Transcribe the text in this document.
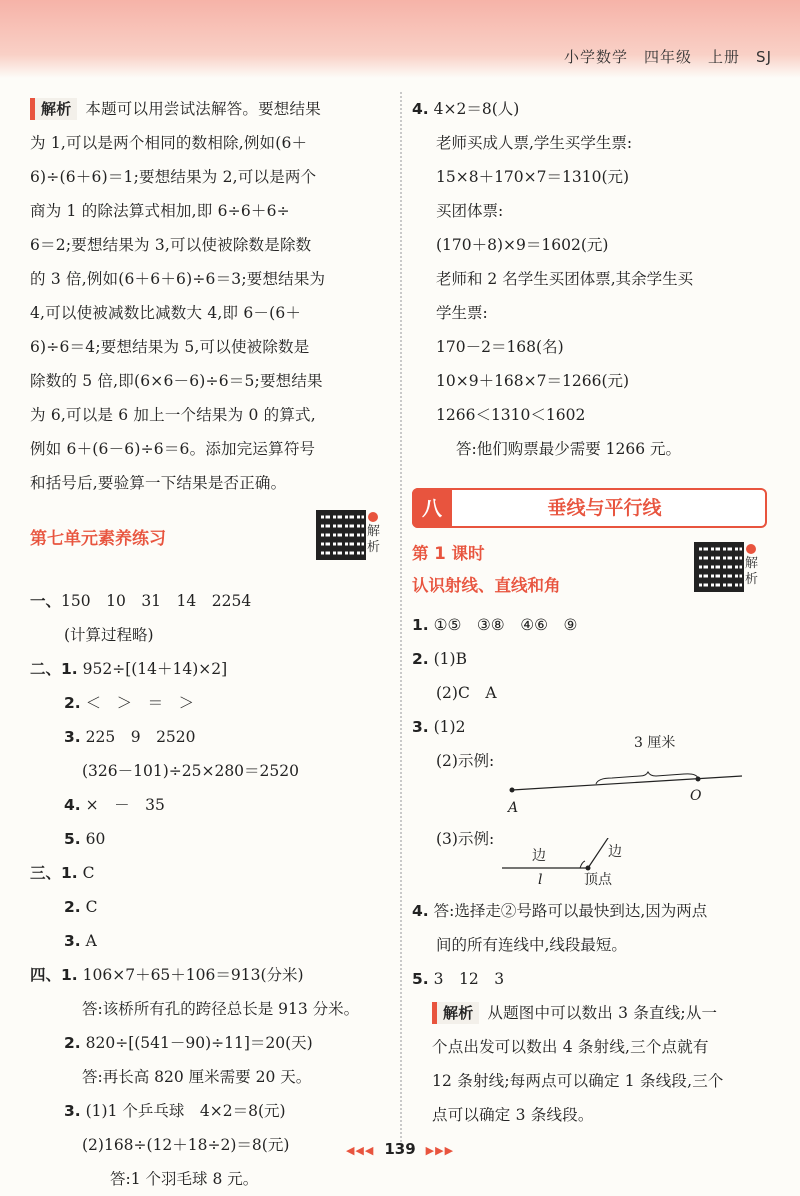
小学数学　四年级　上册　SJ
解析 本题可以用尝试法解答。要想结果
为 1,可以是两个相同的数相除,例如(6＋
6)÷(6＋6)＝1;要想结果为 2,可以是两个
商为 1 的除法算式相加,即 6÷6＋6÷
6＝2;要想结果为 3,可以使被除数是除数
的 3 倍,例如(6＋6＋6)÷6＝3;要想结果为
4,可以使被减数比减数大 4,即 6－(6＋
6)÷6＝4;要想结果为 5,可以使被除数是
除数的 5 倍,即(6×6－6)÷6＝5;要想结果
为 6,可以是 6 加上一个结果为 0 的算式,
例如 6＋(6－6)÷6＝6。添加完运算符号
和括号后,要验算一下结果是否正确。
第七单元素养练习	解析
一、150　10　31　14　2254
(计算过程略)
二、1. 952÷[(14＋14)×2]
2. ＜　＞　＝　＞
3. 225　9　2520
(326－101)÷25×280＝2520
4. ×　－　35
5. 60
三、1. C
2. C
3. A
四、1. 106×7＋65＋106＝913(分米)
答:该桥所有孔的跨径总长是 913 分米。
2. 820÷[(541－90)÷11]＝20(天)
答:再长高 820 厘米需要 20 天。
3. (1)1 个乒乓球　4×2＝8(元)
(2)168÷(12＋18÷2)＝8(元)
答:1 个羽毛球 8 元。
4. 4×2＝8(人)
老师买成人票,学生买学生票:
15×8＋170×7＝1310(元)
买团体票:
(170＋8)×9＝1602(元)
老师和 2 名学生买团体票,其余学生买
学生票:
170－2＝168(名)
10×9＋168×7＝1266(元)
1266＜1310＜1602
答:他们购票最少需要 1266 元。
八	垂线与平行线
第 1 课时
认识射线、直线和角
解析
1. ①⑤　③⑧　④⑥　⑨
2. (1)B
(2)C　A
3. (1)2
(2)示例:
A
O
3 厘米
(3)示例:
边	边
l	顶点
4. 答:选择走②号路可以最快到达,因为两点
间的所有连线中,线段最短。
5. 3　12　3
解析 从题图中可以数出 3 条直线;从一
个点出发可以数出 4 条射线,三个点就有
12 条射线;每两点可以确定 1 条线段,三个
点可以确定 3 条线段。
◀◀◀ 139 ▶▶▶
